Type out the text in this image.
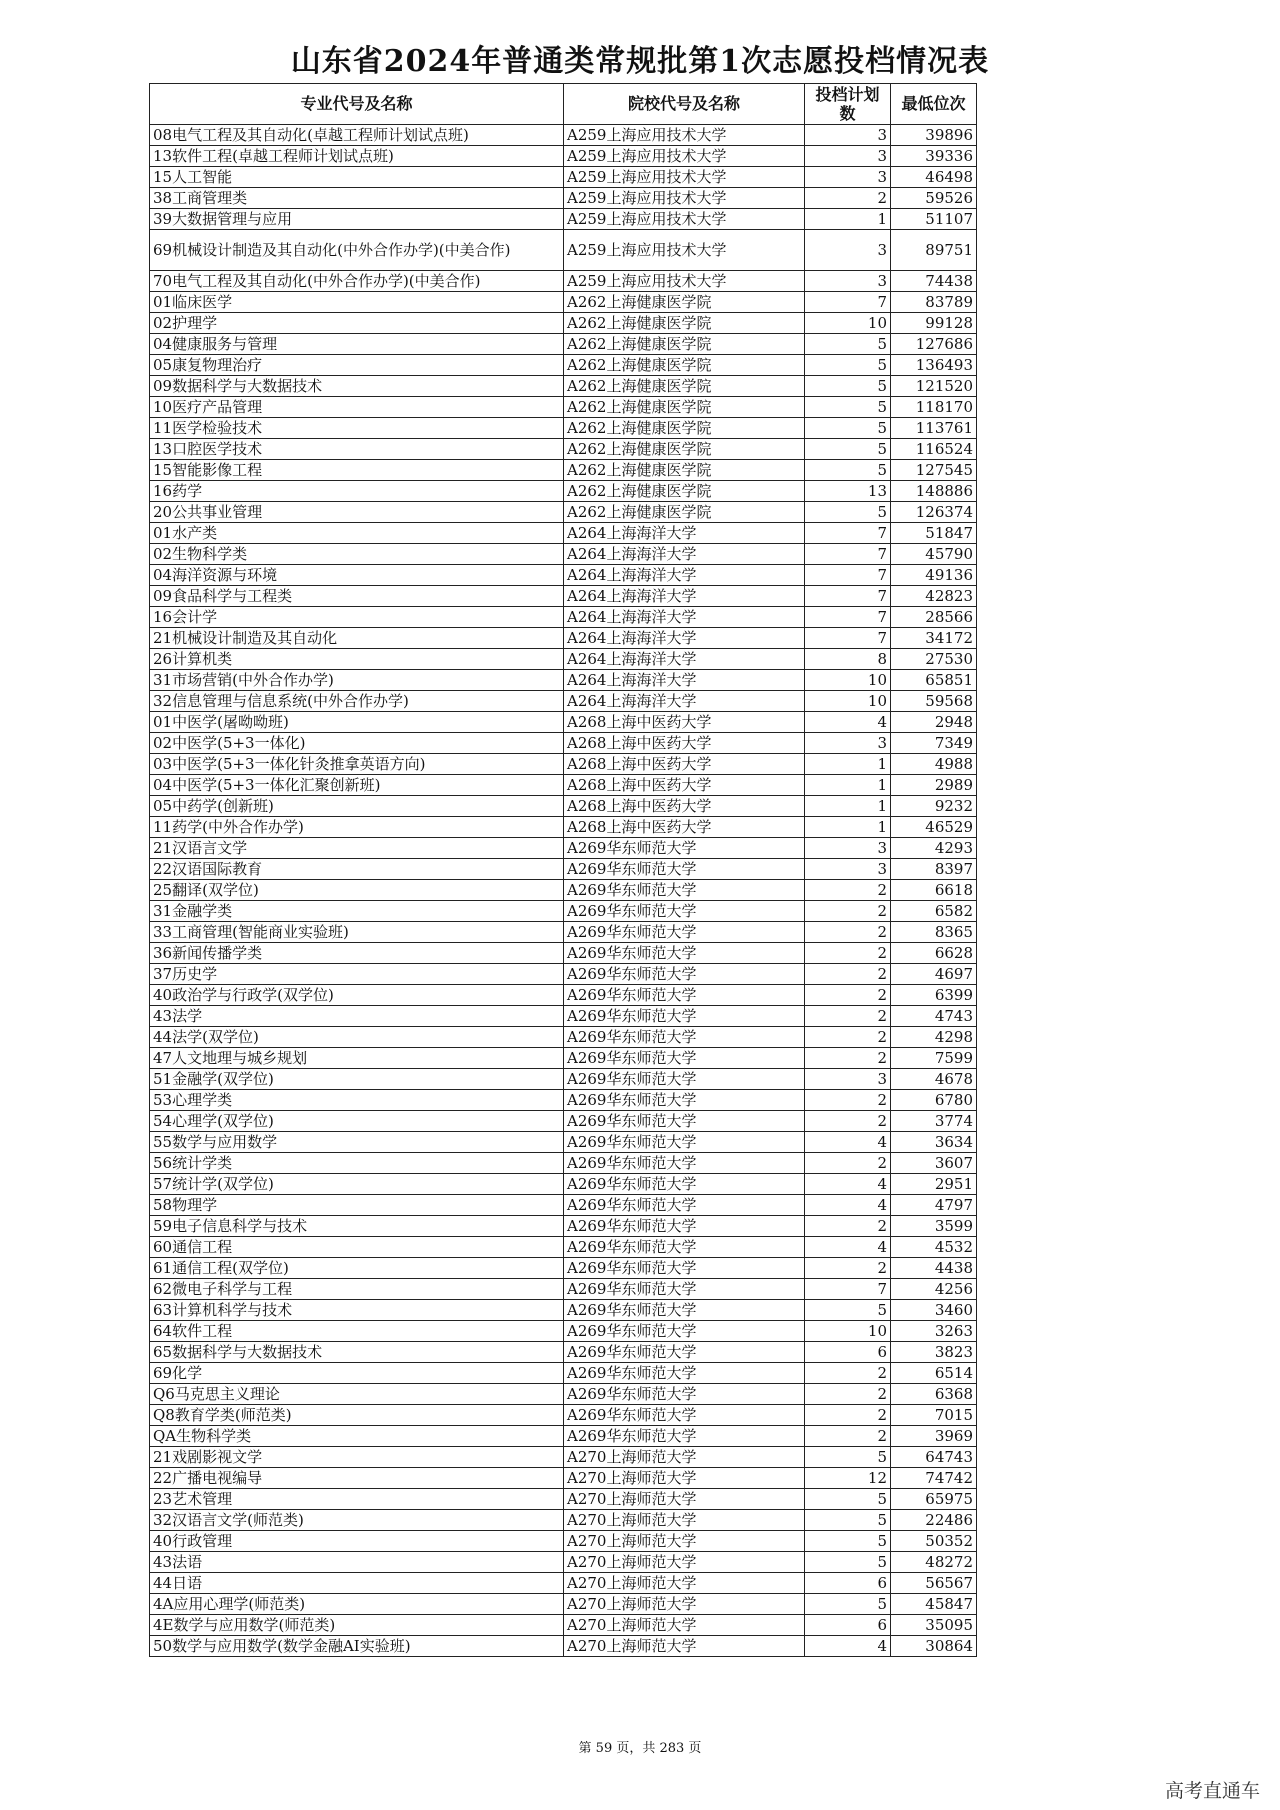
山东省2024年普通类常规批第1次志愿投档情况表
专业代号及名称	院校代号及名称	投档计划数	最低位次
08电气工程及其自动化(卓越工程师计划试点班)	A259上海应用技术大学	3	39896
13软件工程(卓越工程师计划试点班)	A259上海应用技术大学	3	39336
15人工智能	A259上海应用技术大学	3	46498
38工商管理类	A259上海应用技术大学	2	59526
39大数据管理与应用	A259上海应用技术大学	1	51107
69机械设计制造及其自动化(中外合作办学)(中美合作)	A259上海应用技术大学	3	89751
70电气工程及其自动化(中外合作办学)(中美合作)	A259上海应用技术大学	3	74438
01临床医学	A262上海健康医学院	7	83789
02护理学	A262上海健康医学院	10	99128
04健康服务与管理	A262上海健康医学院	5	127686
05康复物理治疗	A262上海健康医学院	5	136493
09数据科学与大数据技术	A262上海健康医学院	5	121520
10医疗产品管理	A262上海健康医学院	5	118170
11医学检验技术	A262上海健康医学院	5	113761
13口腔医学技术	A262上海健康医学院	5	116524
15智能影像工程	A262上海健康医学院	5	127545
16药学	A262上海健康医学院	13	148886
20公共事业管理	A262上海健康医学院	5	126374
01水产类	A264上海海洋大学	7	51847
02生物科学类	A264上海海洋大学	7	45790
04海洋资源与环境	A264上海海洋大学	7	49136
09食品科学与工程类	A264上海海洋大学	7	42823
16会计学	A264上海海洋大学	7	28566
21机械设计制造及其自动化	A264上海海洋大学	7	34172
26计算机类	A264上海海洋大学	8	27530
31市场营销(中外合作办学)	A264上海海洋大学	10	65851
32信息管理与信息系统(中外合作办学)	A264上海海洋大学	10	59568
01中医学(屠呦呦班)	A268上海中医药大学	4	2948
02中医学(5+3一体化)	A268上海中医药大学	3	7349
03中医学(5+3一体化针灸推拿英语方向)	A268上海中医药大学	1	4988
04中医学(5+3一体化汇聚创新班)	A268上海中医药大学	1	2989
05中药学(创新班)	A268上海中医药大学	1	9232
11药学(中外合作办学)	A268上海中医药大学	1	46529
21汉语言文学	A269华东师范大学	3	4293
22汉语国际教育	A269华东师范大学	3	8397
25翻译(双学位)	A269华东师范大学	2	6618
31金融学类	A269华东师范大学	2	6582
33工商管理(智能商业实验班)	A269华东师范大学	2	8365
36新闻传播学类	A269华东师范大学	2	6628
37历史学	A269华东师范大学	2	4697
40政治学与行政学(双学位)	A269华东师范大学	2	6399
43法学	A269华东师范大学	2	4743
44法学(双学位)	A269华东师范大学	2	4298
47人文地理与城乡规划	A269华东师范大学	2	7599
51金融学(双学位)	A269华东师范大学	3	4678
53心理学类	A269华东师范大学	2	6780
54心理学(双学位)	A269华东师范大学	2	3774
55数学与应用数学	A269华东师范大学	4	3634
56统计学类	A269华东师范大学	2	3607
57统计学(双学位)	A269华东师范大学	4	2951
58物理学	A269华东师范大学	4	4797
59电子信息科学与技术	A269华东师范大学	2	3599
60通信工程	A269华东师范大学	4	4532
61通信工程(双学位)	A269华东师范大学	2	4438
62微电子科学与工程	A269华东师范大学	7	4256
63计算机科学与技术	A269华东师范大学	5	3460
64软件工程	A269华东师范大学	10	3263
65数据科学与大数据技术	A269华东师范大学	6	3823
69化学	A269华东师范大学	2	6514
Q6马克思主义理论	A269华东师范大学	2	6368
Q8教育学类(师范类)	A269华东师范大学	2	7015
QA生物科学类	A269华东师范大学	2	3969
21戏剧影视文学	A270上海师范大学	5	64743
22广播电视编导	A270上海师范大学	12	74742
23艺术管理	A270上海师范大学	5	65975
32汉语言文学(师范类)	A270上海师范大学	5	22486
40行政管理	A270上海师范大学	5	50352
43法语	A270上海师范大学	5	48272
44日语	A270上海师范大学	6	56567
4A应用心理学(师范类)	A270上海师范大学	5	45847
4E数学与应用数学(师范类)	A270上海师范大学	6	35095
50数学与应用数学(数学金融AI实验班)	A270上海师范大学	4	30864
第 59 页，共 283 页
高考直通车
